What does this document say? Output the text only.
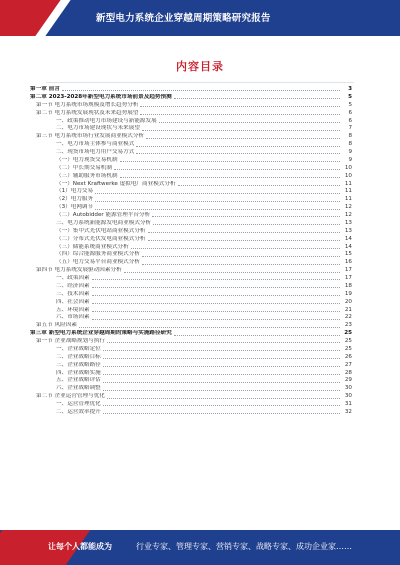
新型电力系统企业穿越周期策略研究报告
内容目录
第一章 前言	3
第二章 2023-2028年新型电力系统市场前景及趋势预测	5
第一节 电力系统市场规模及增长趋势分析	5
第二节 电力系统发展现状及未来趋势展望	6
一、政策推动电力市场建设与新能源发展	6
二、电力市场建设现状与未来展望	7
第三节 电力系统市场行业发展商业模式分析	8
一、电力市场主体参与商业模式	8
二、现货市场电力用户交易方式	9
（一）电力现货交易机制	9
（二）中长期交易机制	10
（三）辅助服务市场机制	10
（一）Next Kraftwerke 虚拟电厂商业模式分析	11
（1）电力交易	11
（2）电力服务	11
（3）电网调节	12
（二）Autobidder 能源管理平台分析	12
三、电力系统新能源发电商业模式分析	13
（一）集中式光伏电站商业模式分析	13
（二）分布式光伏发电商业模式分析	14
（三）储能系统商业模式分析	14
（四）综合能源服务商业模式分析	15
（五）电力交易平台商业模式分析	16
第四节 电力系统发展驱动因素分析	17
一、政策因素	17
二、经济因素	18
三、技术因素	19
四、社会因素	20
五、环境因素	21
六、市场因素	22
第五节 风险因素	23
第三章 新型电力系统企业穿越周期的策略与实施路径研究	25
第一节 企业战略规划与执行	25
一、企业战略定位	25
二、企业战略目标	26
三、企业战略路径	27
四、企业战略实施	28
五、企业战略评估	29
六、企业战略调整	30
第二节 企业运营管理与优化	30
一、运营管理优化	31
二、运营效率提升	32
让每个人都能成为	行业专家、管理专家、营销专家、战略专家、成功企业家……
